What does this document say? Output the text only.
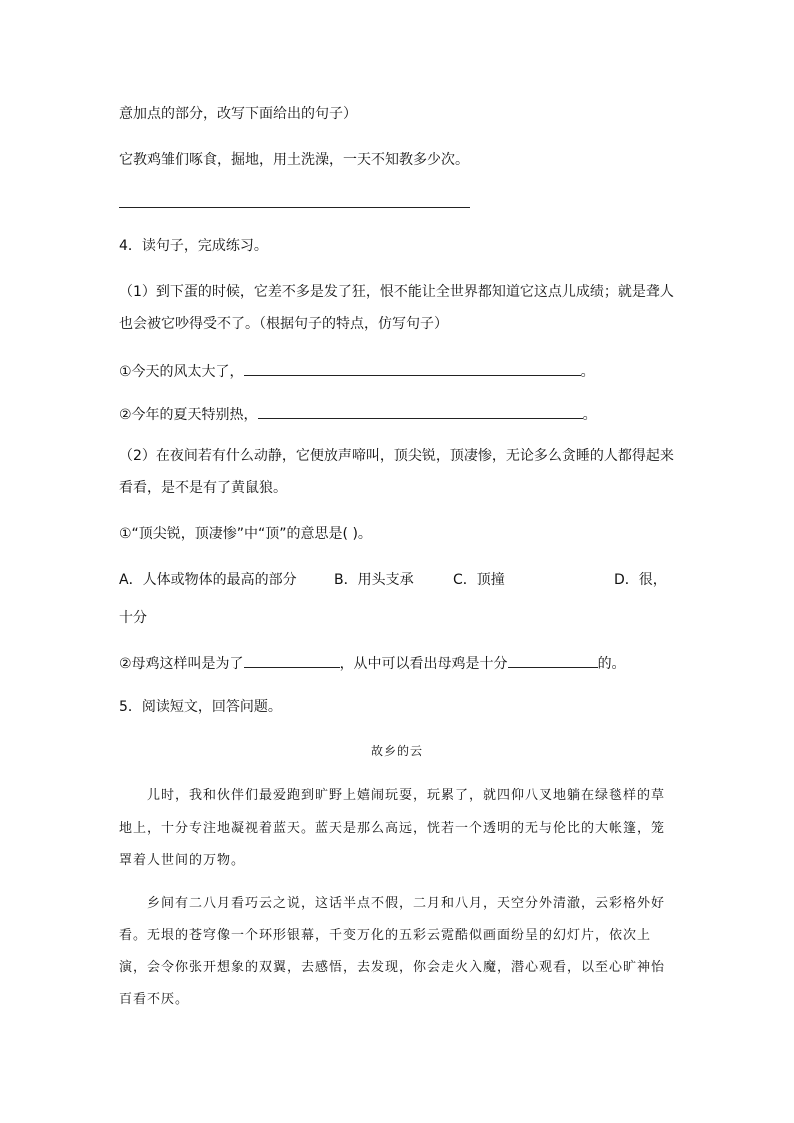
意加点的部分，改写下面给出的句子）
它教鸡雏们啄食，掘地，用土洗澡，一天不知教多少次。
4．读句子，完成练习。
（1）到下蛋的时候，它差不多是发了狂，恨不能让全世界都知道它这点儿成绩；就是聋人
也会被它吵得受不了。（根据句子的特点，仿写句子）
①今天的风太大了，	。
②今年的夏天特别热，	。
（2）在夜间若有什么动静，它便放声啼叫，顶尖锐，顶凄惨，无论多么贪睡的人都得起来
看看，是不是有了黄鼠狼。
①“顶尖锐，顶凄惨”中“顶”的意思是( )。
A．人体或物体的最高的部分	B．用头支承	C．顶撞	D．很，
十分
②母鸡这样叫是为了	，从中可以看出母鸡是十分	的。
5．阅读短文，回答问题。
故乡的云
儿时，我和伙伴们最爱跑到旷野上嬉闹玩耍，玩累了，就四仰八叉地躺在绿毯样的草
地上，十分专注地凝视着蓝天。蓝天是那么高远，恍若一个透明的无与伦比的大帐篷，笼
罩着人世间的万物。
乡间有二八月看巧云之说，这话半点不假，二月和八月，天空分外清澈，云彩格外好
看。无垠的苍穹像一个环形银幕，千变万化的五彩云霓酷似画面纷呈的幻灯片，依次上
演，会令你张开想象的双翼，去感悟，去发现，你会走火入魔，潜心观看，以至心旷神怡
百看不厌。
